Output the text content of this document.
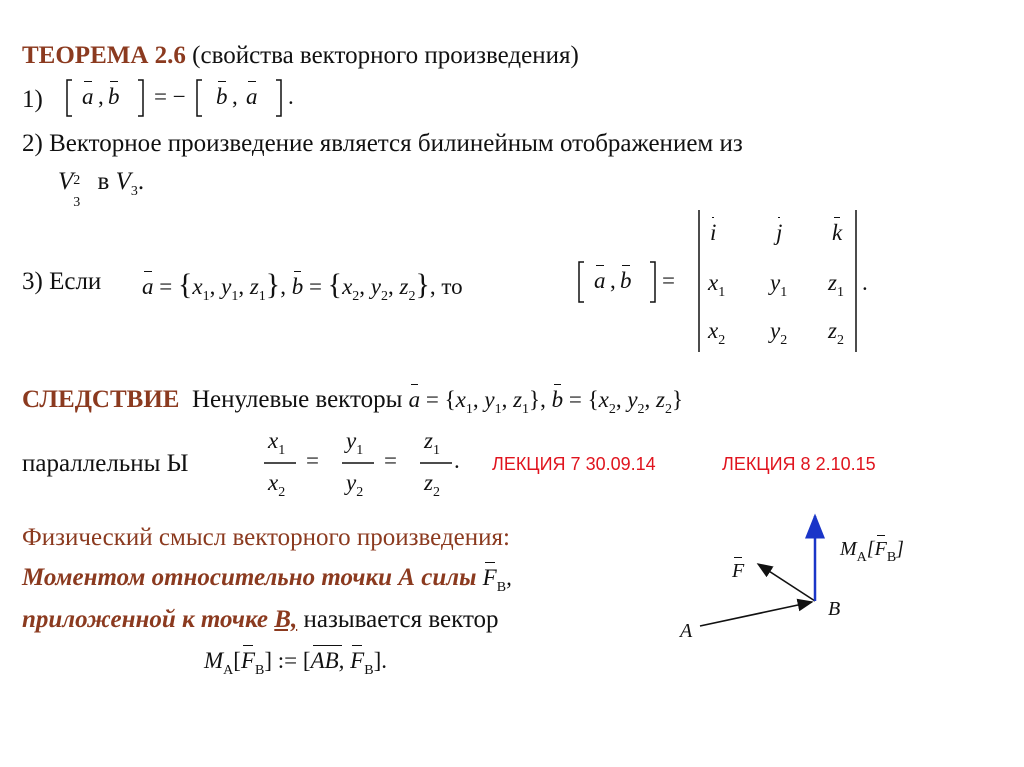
ТЕОРЕМА 2.6 (свойства векторного произведения)
1) a , b = − b , a .
2) Векторное произведение является билинейным отображением из
V 2
3
в $V_3$.
3) Если $a = \{x_1$, $y_1$, $z_1$}, $b = \{x_2$, $y_2$, $z_2$}, то	a , b =
i	j k
$x_1$ $y_1$ $z_1$
$x_2$ $y_2$ $z_2$
.
СЛЕДСТВИЕ Ненулевые векторы $a = \{x_1$, $y_1$, $z_1$}, $b = \{x_2$, $y_2$, $z_2$}
параллельны Ы
$x_1$
$x_2$
=
$y_1$
$y_2$
=
$z_1$
$z_2$
. ЛЕКЦИЯ 7 30.09.14	ЛЕКЦИЯ 8 2.10.15
Физический смысл векторного произведения:
Моментом относительно точки A силы $F_B$,
приложенной к точке B, называется вектор
$M_A[F_B]$ := [AB, $F_B$].
$M_A[F_B]$
F
B
A
